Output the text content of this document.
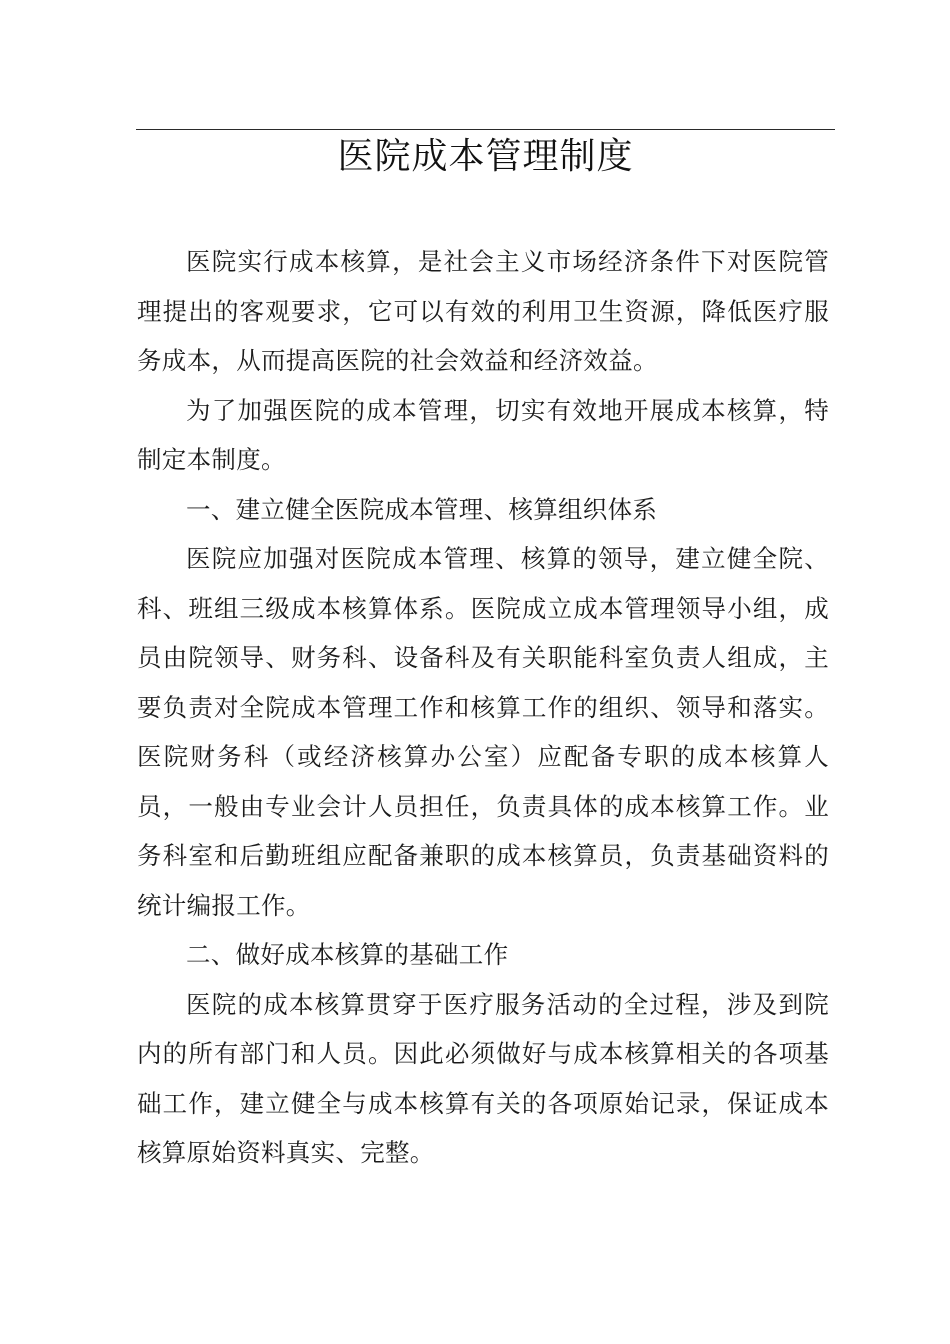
医院成本管理制度

医院实行成本核算，是社会主义市场经济条件下对医院管理提出的客观要求，它可以有效的利用卫生资源，降低医疗服务成本，从而提高医院的社会效益和经济效益。

为了加强医院的成本管理，切实有效地开展成本核算，特制定本制度。

一、建立健全医院成本管理、核算组织体系

医院应加强对医院成本管理、核算的领导，建立健全院、科、班组三级成本核算体系。医院成立成本管理领导小组，成员由院领导、财务科、设备科及有关职能科室负责人组成，主要负责对全院成本管理工作和核算工作的组织、领导和落实。医院财务科（或经济核算办公室）应配备专职的成本核算人员，一般由专业会计人员担任，负责具体的成本核算工作。业务科室和后勤班组应配备兼职的成本核算员，负责基础资料的统计编报工作。

二、做好成本核算的基础工作

医院的成本核算贯穿于医疗服务活动的全过程，涉及到院内的所有部门和人员。因此必须做好与成本核算相关的各项基础工作，建立健全与成本核算有关的各项原始记录，保证成本核算原始资料真实、完整。
